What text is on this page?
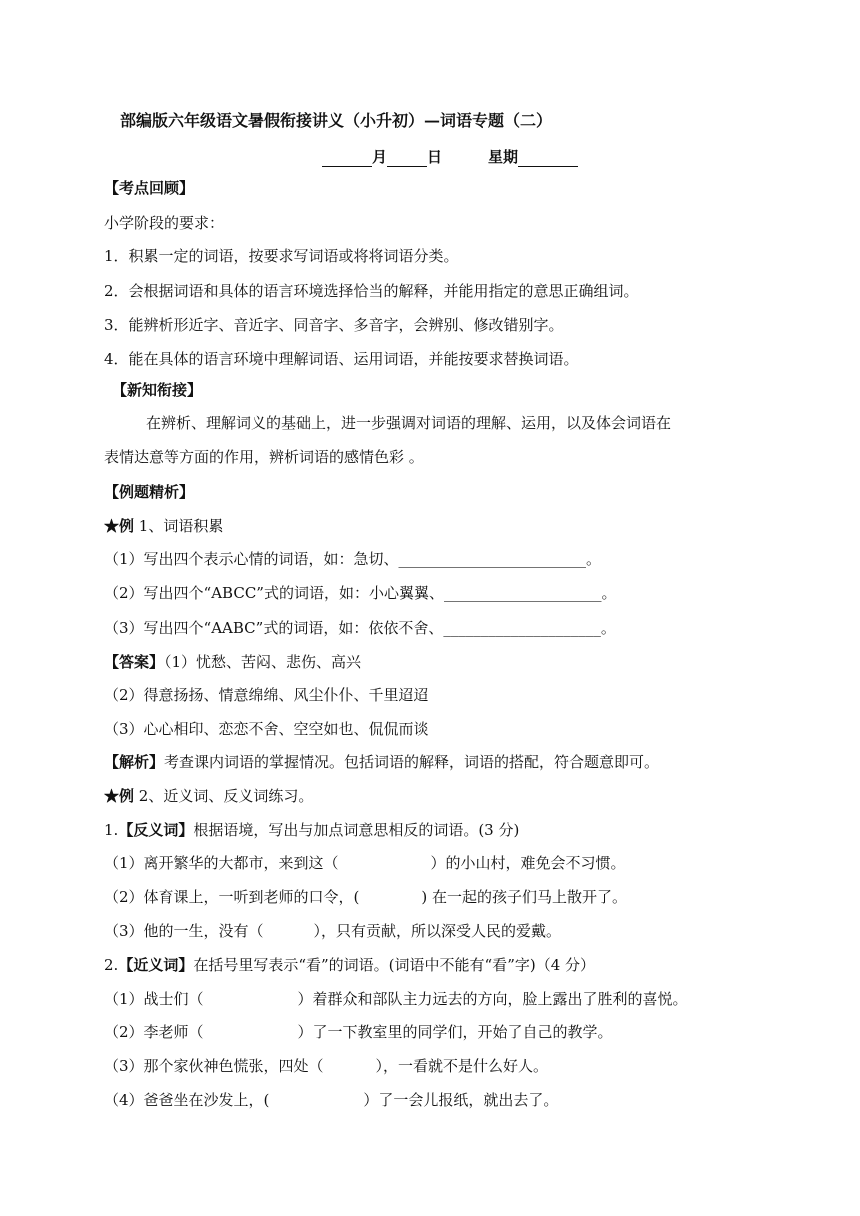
部编版六年级语文暑假衔接讲义（小升初）—词语专题（二）
月	日	星期
【考点回顾】
小学阶段的要求：
1．积累一定的词语，按要求写词语或将将词语分类。
2．会根据词语和具体的语言环境选择恰当的解释，并能用指定的意思正确组词。
3．能辨析形近字、音近字、同音字、多音字，会辨别、修改错别字。
4．能在具体的语言环境中理解词语、运用词语，并能按要求替换词语。
【新知衔接】
在辨析、理解词义的基础上，进一步强调对词语的理解、运用，以及体会词语在
表情达意等方面的作用，辨析词语的感情色彩 。
【例题精析】
★例 1、词语积累
（1）写出四个表示心情的词语，如：急切、_________________________。
（2）写出四个“ABCC”式的词语，如：小心翼翼、_____________________。
（3）写出四个“AABC”式的词语，如：依依不舍、_____________________。
【答案】（1）忧愁、苦闷、悲伤、高兴
（2）得意扬扬、情意绵绵、风尘仆仆、千里迢迢
（3）心心相印、恋恋不舍、空空如也、侃侃而谈
【解析】考查课内词语的掌握情况。包括词语的解释，词语的搭配，符合题意即可。
★例 2、近义词、反义词练习。
1.【反义词】根据语境，写出与加点词意思相反的词语。(3 分)
（1）离开繁华的大都市，来到这（	）的小山村，难免会不习惯。
（2）体育课上，一听到老师的口令，(	) 在一起的孩子们马上散开了。
（3）他的一生，没有（	），只有贡献，所以深受人民的爱戴。
2.【近义词】在括号里写表示“看”的词语。(词语中不能有“看”字)（4 分）
（1）战士们（	）着群众和部队主力远去的方向，脸上露出了胜利的喜悦。
（2）李老师（	）了一下教室里的同学们，开始了自己的教学。
（3）那个家伙神色慌张，四处（	），一看就不是什么好人。
（4）爸爸坐在沙发上，(	）了一会儿报纸，就出去了。
